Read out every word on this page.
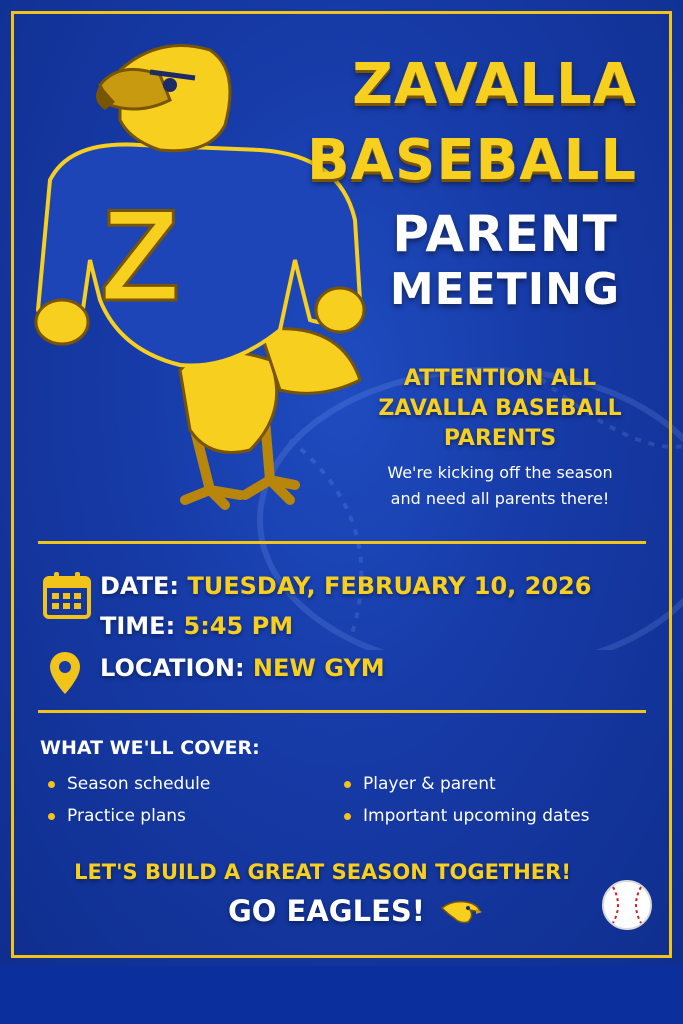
Z
ZAVALLA
BASEBALL
PARENT
MEETING
ATTENTION ALL
ZAVALLA BASEBALL
PARENTS
We're kicking off the season
and need all parents there!
DATE: TUESDAY, FEBRUARY 10, 2026
TIME: 5:45 PM
LOCATION: NEW GYM
WHAT WE'LL COVER:
Season schedule
Practice plans
Player & parent
Important upcoming dates
LET'S BUILD A GREAT SEASON TOGETHER!
GO EAGLES!
